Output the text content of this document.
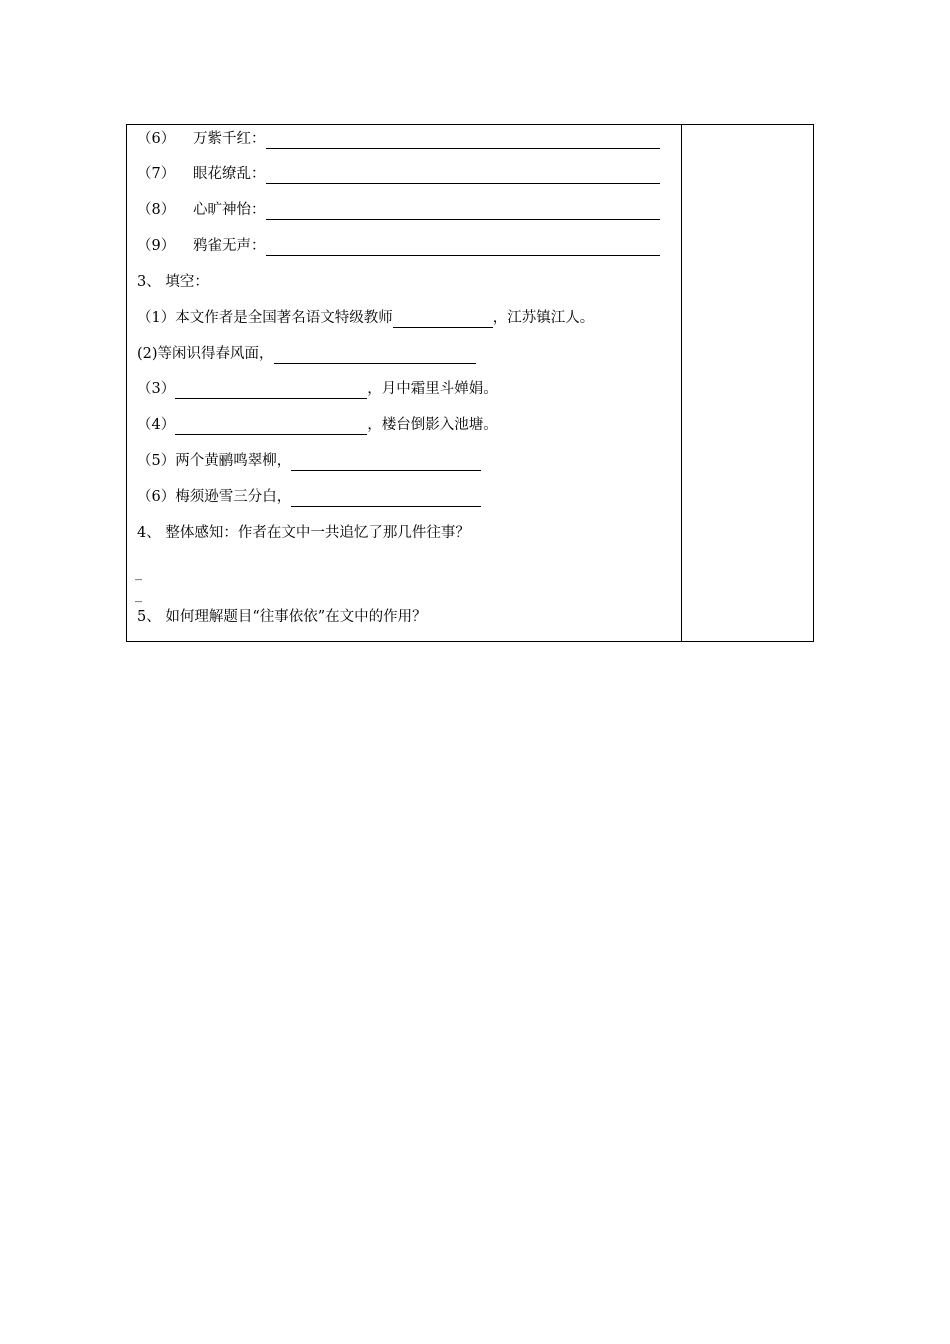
（6）	万紫千红：
（7）	眼花缭乱：
（8）	心旷神怡：
（9）	鸦雀无声：
3、 填空：
（1）本文作者是全国著名语文特级教师	，江苏镇江人。
(2)等闲识得春风面，
（3）	，月中霜里斗婵娟。
（4）	，楼台倒影入池塘。
（5）两个黄鹂鸣翠柳，
（6）梅须逊雪三分白，
4、 整体感知：作者在文中一共追忆了那几件往事？
_
_
5、 如何理解题目“往事依依”在文中的作用？
